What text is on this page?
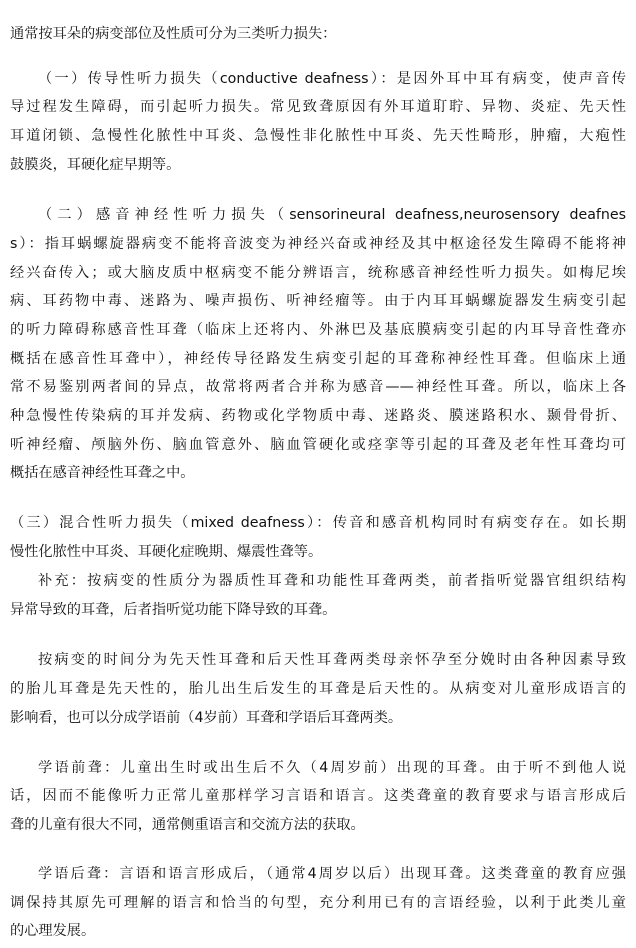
通常按耳朵的病变部位及性质可分为三类听力损失：
（一）传导性听力损失（conductive deafness）：是因外耳中耳有病变，使声音传
导过程发生障碍，而引起听力损失。常见致聋原因有外耳道耵聍、异物、炎症、先天性
耳道闭锁、急慢性化脓性中耳炎、急慢性非化脓性中耳炎、先天性畸形，肿瘤，大疱性
鼓膜炎，耳硬化症早期等。
（二）感音神经性听力损失（sensorineural deafness,neurosensory deafnes
s）：指耳蜗螺旋器病变不能将音波变为神经兴奋或神经及其中枢途径发生障碍不能将神
经兴奋传入；或大脑皮质中枢病变不能分辨语言，统称感音神经性听力损失。如梅尼埃
病、耳药物中毒、迷路为、噪声损伤、听神经瘤等。由于内耳耳蜗螺旋器发生病变引起
的听力障碍称感音性耳聋（临床上还将内、外淋巴及基底膜病变引起的内耳导音性聋亦
概括在感音性耳聋中），神经传导径路发生病变引起的耳聋称神经性耳聋。但临床上通
常不易鉴别两者间的异点，故常将两者合并称为感音——神经性耳聋。所以，临床上各
种急慢性传染病的耳并发病、药物或化学物质中毒、迷路炎、膜迷路积水、颞骨骨折、
听神经瘤、颅脑外伤、脑血管意外、脑血管硬化或痉挛等引起的耳聋及老年性耳聋均可
概括在感音神经性耳聋之中。
（三）混合性听力损失（mixed deafness）：传音和感音机构同时有病变存在。如长期
慢性化脓性中耳炎、耳硬化症晚期、爆震性聋等。
补充：按病变的性质分为器质性耳聋和功能性耳聋两类，前者指听觉器官组织结构
异常导致的耳聋，后者指听觉功能下降导致的耳聋。
按病变的时间分为先天性耳聋和后天性耳聋两类母亲怀孕至分娩时由各种因素导致
的胎儿耳聋是先天性的，胎儿出生后发生的耳聋是后天性的。从病变对儿童形成语言的
影响看，也可以分成学语前（4岁前）耳聋和学语后耳聋两类。
学语前聋：儿童出生时或出生后不久（4周岁前）出现的耳聋。由于听不到他人说
话，因而不能像听力正常儿童那样学习言语和语言。这类聋童的教育要求与语言形成后
聋的儿童有很大不同，通常侧重语言和交流方法的获取。
学语后聋：言语和语言形成后，（通常4周岁以后）出现耳聋。这类聋童的教育应强
调保持其原先可理解的语言和恰当的句型，充分利用已有的言语经验，以利于此类儿童
的心理发展。
